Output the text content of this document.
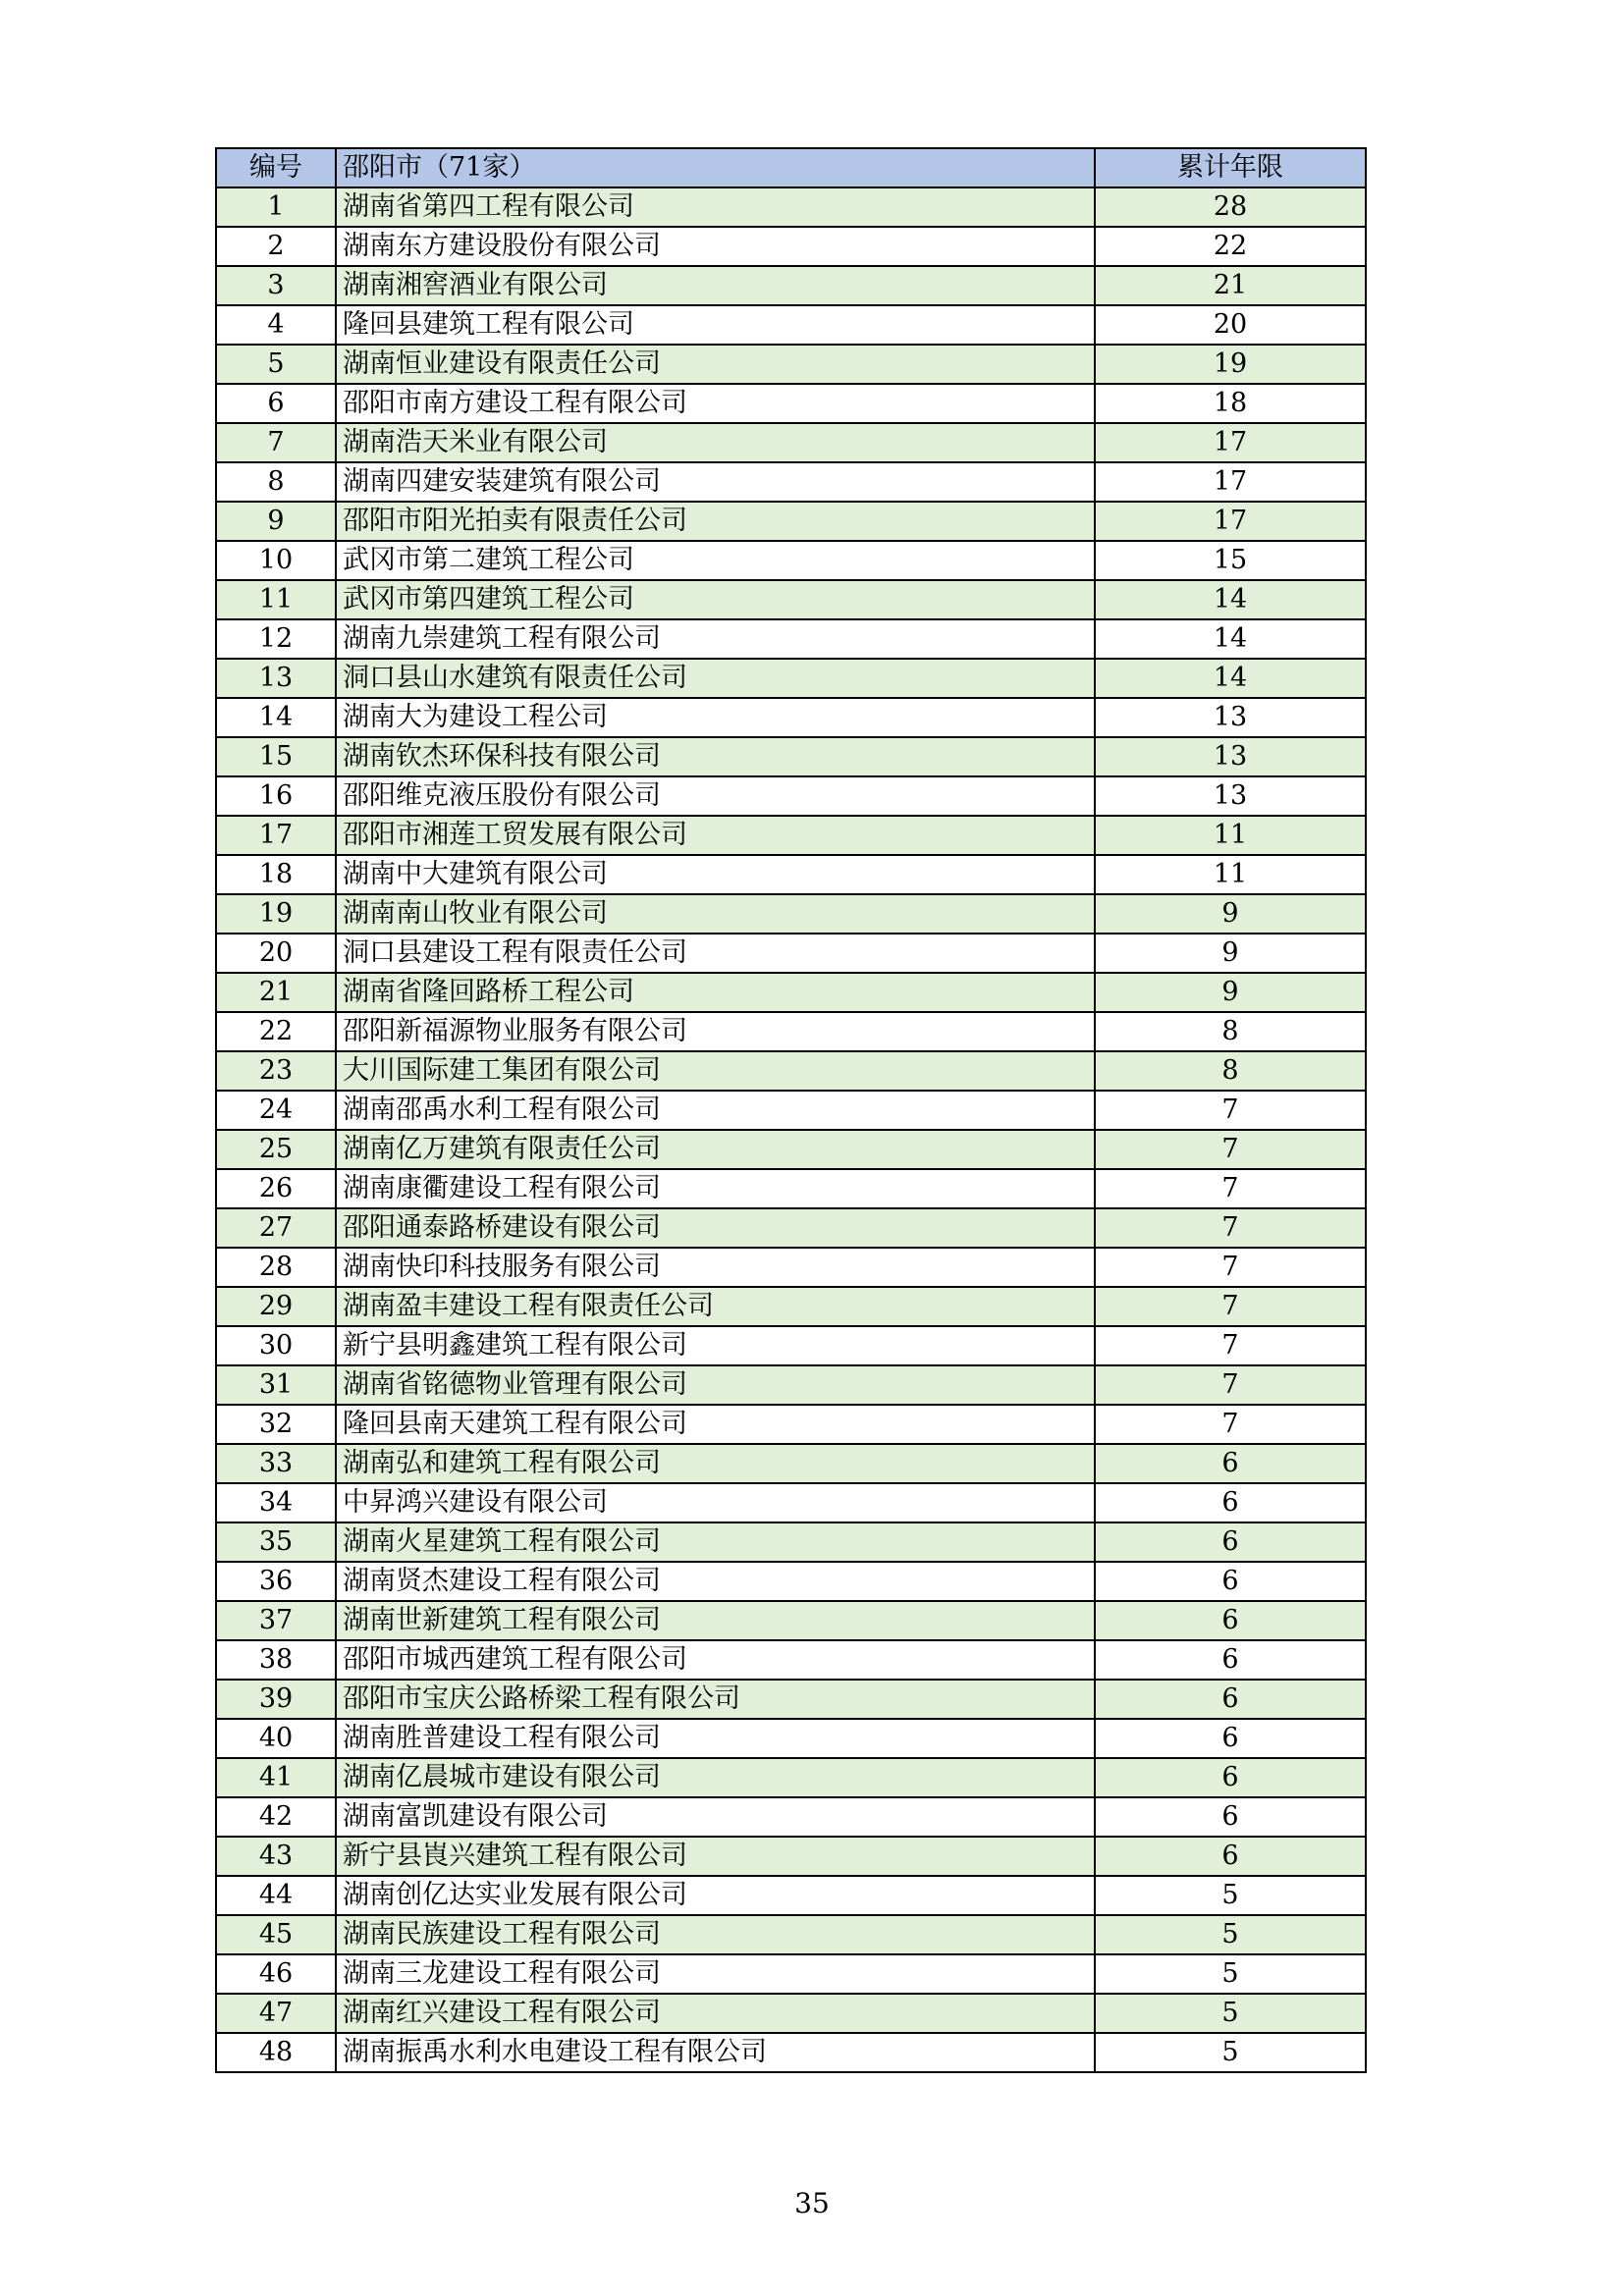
编号	邵阳市（71家）	累计年限
1	湖南省第四工程有限公司	28
2	湖南东方建设股份有限公司	22
3	湖南湘窖酒业有限公司	21
4	隆回县建筑工程有限公司	20
5	湖南恒业建设有限责任公司	19
6	邵阳市南方建设工程有限公司	18
7	湖南浩天米业有限公司	17
8	湖南四建安装建筑有限公司	17
9	邵阳市阳光拍卖有限责任公司	17
10	武冈市第二建筑工程公司	15
11	武冈市第四建筑工程公司	14
12	湖南九崇建筑工程有限公司	14
13	洞口县山水建筑有限责任公司	14
14	湖南大为建设工程公司	13
15	湖南钦杰环保科技有限公司	13
16	邵阳维克液压股份有限公司	13
17	邵阳市湘莲工贸发展有限公司	11
18	湖南中大建筑有限公司	11
19	湖南南山牧业有限公司	9
20	洞口县建设工程有限责任公司	9
21	湖南省隆回路桥工程公司	9
22	邵阳新福源物业服务有限公司	8
23	大川国际建工集团有限公司	8
24	湖南邵禹水利工程有限公司	7
25	湖南亿万建筑有限责任公司	7
26	湖南康衢建设工程有限公司	7
27	邵阳通泰路桥建设有限公司	7
28	湖南快印科技服务有限公司	7
29	湖南盈丰建设工程有限责任公司	7
30	新宁县明鑫建筑工程有限公司	7
31	湖南省铭德物业管理有限公司	7
32	隆回县南天建筑工程有限公司	7
33	湖南弘和建筑工程有限公司	6
34	中昇鸿兴建设有限公司	6
35	湖南火星建筑工程有限公司	6
36	湖南贤杰建设工程有限公司	6
37	湖南世新建筑工程有限公司	6
38	邵阳市城西建筑工程有限公司	6
39	邵阳市宝庆公路桥梁工程有限公司	6
40	湖南胜普建设工程有限公司	6
41	湖南亿晨城市建设有限公司	6
42	湖南富凯建设有限公司	6
43	新宁县崀兴建筑工程有限公司	6
44	湖南创亿达实业发展有限公司	5
45	湖南民族建设工程有限公司	5
46	湖南三龙建设工程有限公司	5
47	湖南红兴建设工程有限公司	5
48	湖南振禹水利水电建设工程有限公司	5
35
